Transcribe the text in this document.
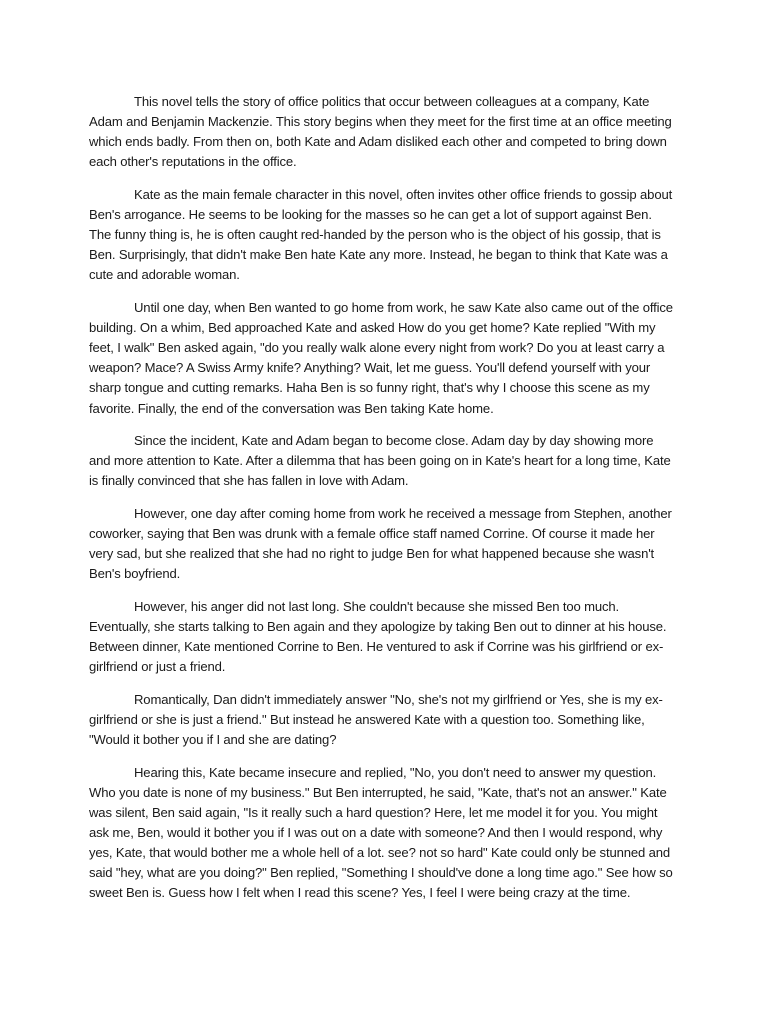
This novel tells the story of office politics that occur between colleagues at a company, Kate Adam and Benjamin Mackenzie. This story begins when they meet for the first time at an office meeting which ends badly. From then on, both Kate and Adam disliked each other and competed to bring down each other's reputations in the office.

Kate as the main female character in this novel, often invites other office friends to gossip about Ben's arrogance. He seems to be looking for the masses so he can get a lot of support against Ben. The funny thing is, he is often caught red-handed by the person who is the object of his gossip, that is Ben. Surprisingly, that didn't make Ben hate Kate any more. Instead, he began to think that Kate was a cute and adorable woman.

Until one day, when Ben wanted to go home from work, he saw Kate also came out of the office building. On a whim, Bed approached Kate and asked How do you get home? Kate replied "With my feet, I walk" Ben asked again, "do you really walk alone every night from work? Do you at least carry a weapon? Mace? A Swiss Army knife? Anything? Wait, let me guess. You'll defend yourself with your sharp tongue and cutting remarks. Haha Ben is so funny right, that's why I choose this scene as my favorite. Finally, the end of the conversation was Ben taking Kate home.

Since the incident, Kate and Adam began to become close. Adam day by day showing more and more attention to Kate. After a dilemma that has been going on in Kate's heart for a long time, Kate is finally convinced that she has fallen in love with Adam.

However, one day after coming home from work he received a message from Stephen, another coworker, saying that Ben was drunk with a female office staff named Corrine. Of course it made her very sad, but she realized that she had no right to judge Ben for what happened because she wasn't Ben's boyfriend.

However, his anger did not last long. She couldn't because she missed Ben too much. Eventually, she starts talking to Ben again and they apologize by taking Ben out to dinner at his house. Between dinner, Kate mentioned Corrine to Ben. He ventured to ask if Corrine was his girlfriend or ex-girlfriend or just a friend.

Romantically, Dan didn't immediately answer "No, she's not my girlfriend or Yes, she is my ex-girlfriend or she is just a friend." But instead he answered Kate with a question too. Something like, "Would it bother you if I and she are dating?

Hearing this, Kate became insecure and replied, "No, you don't need to answer my question. Who you date is none of my business." But Ben interrupted, he said, "Kate, that's not an answer." Kate was silent, Ben said again, "Is it really such a hard question? Here, let me model it for you. You might ask me, Ben, would it bother you if I was out on a date with someone? And then I would respond, why yes, Kate, that would bother me a whole hell of a lot. see? not so hard" Kate could only be stunned and said "hey, what are you doing?" Ben replied, "Something I should've done a long time ago." See how so sweet Ben is. Guess how I felt when I read this scene? Yes, I feel I were being crazy at the time.
